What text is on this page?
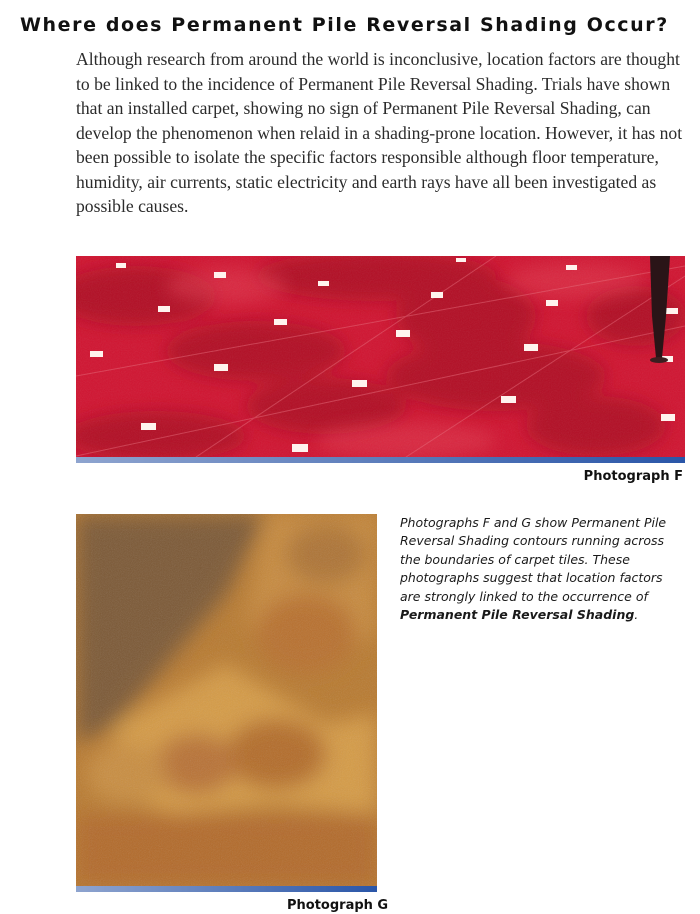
Where does Permanent Pile Reversal Shading Occur?

Although research from around the world is inconclusive, location factors are thought to be linked to the incidence of Permanent Pile Reversal Shading. Trials have shown that an installed carpet, showing no sign of Permanent Pile Reversal Shading, can develop the phenomenon when relaid in a shading-prone location. However, it has not been possible to isolate the specific factors responsible although floor temperature, humidity, air currents, static electricity and earth rays have all been investigated as possible causes.

Photograph F
Photograph G

Photographs F and G show Permanent Pile Reversal Shading contours running across the boundaries of carpet tiles. These photographs suggest that location factors are strongly linked to the occurrence of Permanent Pile Reversal Shading.
